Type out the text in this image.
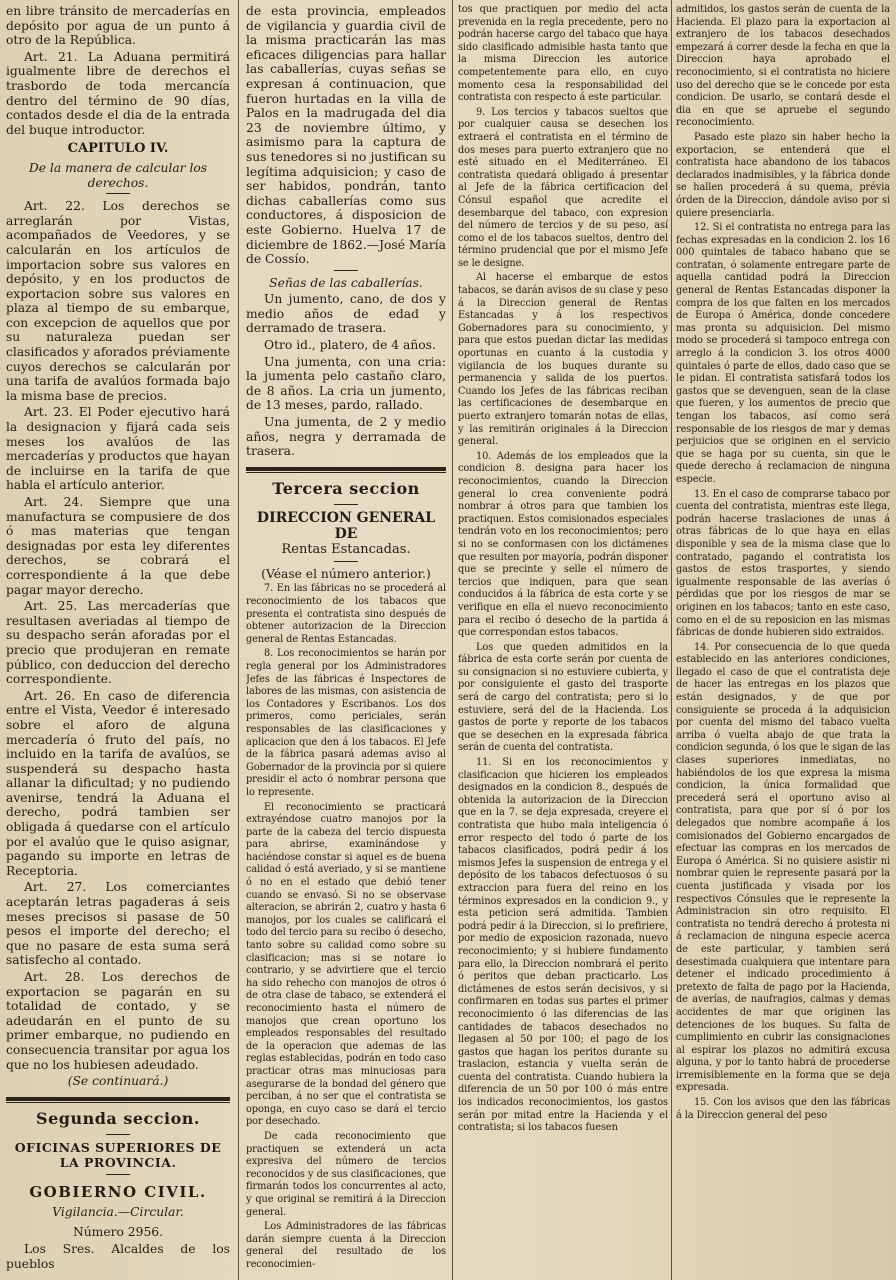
en libre tránsito de mercaderías en depósito por agua de un punto á otro de la República.

Art. 21. La Aduana permitirá igualmente libre de derechos el trasbordo de toda mercancía dentro del término de 90 días, contados desde el dia de la entrada del buque introductor.

CAPITULO IV.

De la manera de calcular los derechos.

Art. 22. Los derechos se arreglarán por Vistas, acompañados de Veedores, y se calcularán en los artículos de importacion sobre sus valores en depósito, y en los productos de exportacion sobre sus valores en plaza al tiempo de su embarque, con excepcion de aquellos que por su naturaleza puedan ser clasificados y aforados préviamente cuyos derechos se calcularán por una tarifa de avalúos formada bajo la misma base de precios.

Art. 23. El Poder ejecutivo hará la designacion y fijará cada seis meses los avalúos de las mercaderías y productos que hayan de incluirse en la tarifa de que habla el artículo anterior.

Art. 24. Siempre que una manufactura se compusiere de dos ó mas materias que tengan designadas por esta ley diferentes derechos, se cobrará el correspondiente á la que debe pagar mayor derecho.

Art. 25. Las mercaderías que resultasen averiadas al tiempo de su despacho serán aforadas por el precio que produjeran en remate público, con deduccion del derecho correspondiente.

Art. 26. En caso de diferencia entre el Vista, Veedor é interesado sobre el aforo de alguna mercadería ó fruto del país, no incluido en la tarifa de avalúos, se suspenderá su despacho hasta allanar la dificultad; y no pudiendo avenirse, tendrá la Aduana el derecho, podrá tambien ser obligada á quedarse con el artículo por el avalúo que le quiso asignar, pagando su importe en letras de Receptoria.

Art. 27. Los comerciantes aceptarán letras pagaderas á seis meses precisos si pasase de 50 pesos el importe del derecho; el que no pasare de esta suma será satisfecho al contado.

Art. 28. Los derechos de exportacion se pagarán en su totalidad de contado, y se adeudarán en el punto de su primer embarque, no pudiendo en consecuencia transitar por agua los que no los hubiesen adeudado.

(Se continuará.)

Segunda seccion.

OFICINAS SUPERIORES DE LA PROVINCIA.

GOBIERNO CIVIL.

Vigilancia.—Circular.

Número 2956.

Los Sres. Alcaldes de los pueblos

de esta provincia, empleados de vigilancia y guardia civil de la misma practicarán las mas eficaces diligencias para hallar las caballerías, cuyas señas se expresan á continuacion, que fueron hurtadas en la villa de Palos en la madrugada del dia 23 de noviembre último, y asimismo para la captura de sus tenedores si no justifican su legítima adquisicion; y caso de ser habidos, pondrán, tanto dichas caballerías como sus conductores, á disposicion de este Gobierno. Huelva 17 de diciembre de 1862.—José María de Cossío.

Señas de las caballerías.

Un jumento, cano, de dos y medio años de edad y derramado de trasera.

Otro id., platero, de 4 años.

Una jumenta, con una cria: la jumenta pelo castaño claro, de 8 años. La cria un jumento, de 13 meses, pardo, rallado.

Una jumenta, de 2 y medio años, negra y derramada de trasera.

Tercera seccion

DIRECCION GENERAL DE

Rentas Estancadas.

(Véase el número anterior.)

7. En las fábricas no se procederá al reconocimiento de los tabacos que presenta el contratista sino después de obtener autorizacion de la Direccion general de Rentas Estancadas.

8. Los reconocimientos se harán por regla general por los Administradores Jefes de las fábricas é Inspectores de labores de las mismas, con asistencia de los Contadores y Escribanos. Los dos primeros, como periciales, serán responsables de las clasificaciones y aplicacion que den á los tabacos. El Jefe de la fábrica pasará ademas aviso al Gobernador de la provincia por si quiere presidir el acto ó nombrar persona que lo represente.

El reconocimiento se practicará extrayéndose cuatro manojos por la parte de la cabeza del tercio dispuesta para abrirse, examinándose y haciéndose constar si aquel es de buena calidad ó está averiado, y si se mantiene ó no en el estado que debió tener cuando se envasó. Si no se observase alteracion, se abrirán 2, cuatro y hasta 6 manojos, por los cuales se calificará el todo del tercio para su recibo ó desecho, tanto sobre su calidad como sobre su clasificacion; mas si se notare lo contrario, y se advirtiere que el tercio ha sido rehecho con manojos de otros ó de otra clase de tabaco, se extenderá el reconocimiento hasta el número de manojos que crean oportuno los empleados responsables del resultado de la operacion que ademas de las reglas establecidas, podrán en todo caso practicar otras mas minuciosas para asegurarse de la bondad del género que perciban, á no ser que el contratista se oponga, en cuyo caso se dará el tercio por desechado.

De cada reconocimiento que practiquen se extenderá un acta expresiva del número de tercios reconocidos y de sus clasificaciones, que firmarán todos los concurrentes al acto, y que original se remitirá á la Direccion general.

Los Administradores de las fábricas darán siempre cuenta á la Direccion general del resultado de los reconocimien-

tos que practiquen por medio del acta prevenida en la regla precedente, pero no podrán hacerse cargo del tabaco que haya sido clasificado admisible hasta tanto que la misma Direccion les autorice competentemente para ello, en cuyo momento cesa la responsabilidad del contratista con respecto á este particular.

9. Los tercios y tabacos sueltos que por cualquier causa se desechen los extraerá el contratista en el término de dos meses para puerto extranjero que no esté situado en el Mediterráneo. El contratista quedará obligado á presentar al Jefe de la fábrica certificacion del Cónsul español que acredite el desembarque del tabaco, con expresion del número de tercios y de su peso, así como el de los tabacos sueltos, dentro del término prudencial que por el mismo Jefe se le designe.

Al hacerse el embarque de estos tabacos, se darán avisos de su clase y peso á la Direccion general de Rentas Estancadas y á los respectivos Gobernadores para su conocimiento, y para que estos puedan dictar las medidas oportunas en cuanto á la custodia y vigilancia de los buques durante su permanencia y salida de los puertos. Cuando los Jefes de las fábricas reciban las certificaciones de desembarque en puerto extranjero tomarán notas de ellas, y las remitirán originales á la Direccion general.

10. Además de los empleados que la condicion 8. designa para hacer los reconocimientos, cuando la Direccion general lo crea conveniente podrá nombrar á otros para que tambien los practiquen. Estos comisionados especiales tendrán voto en los reconocimientos; pero si no se conformasen con los dictámenes que resulten por mayoría, podrán disponer que se precinte y selle el número de tercios que indiquen, para que sean conducidos á la fábrica de esta corte y se verifique en ella el nuevo reconocimiento para el recibo ó desecho de la partida á que correspondan estos tabacos.

Los que queden admitidos en la fábrica de esta corte serán por cuenta de su consignacion si no estuviere cubierta, y por consiguiente el gasto del trasporte será de cargo del contratista; pero si lo estuviere, será del de la Hacienda. Los gastos de porte y reporte de los tabacos que se desechen en la expresada fábrica serán de cuenta del contratista.

11. Si en los reconocimientos y clasificacion que hicieren los empleados designados en la condicion 8., después de obtenida la autorizacion de la Direccion que en la 7. se deja expresada, creyere el contratista que hubo mala inteligencia ó error respecto del todo ó parte de los tabacos clasificados, podrá pedir á los mismos Jefes la suspension de entrega y el depósito de los tabacos defectuosos ó su extraccion para fuera del reino en los términos expresados en la condicion 9., y esta peticion será admitida. Tambien podrá pedir á la Direccion, si lo prefiriere, por medio de exposicion razonada, nuevo reconocimiento; y si hubiere fundamento para ello, la Direccion nombrará el perito ó peritos que deban practicarlo. Los dictámenes de estos serán decisivos, y si confirmaren en todas sus partes el primer reconocimiento ó las diferencias de las cantidades de tabacos desechados no llegasen al 50 por 100; el pago de los gastos que hagan los peritos durante su traslacion, estancia y vuelta serán de cuenta del contratista. Cuando hubiera la diferencia de un 50 por 100 ó más entre los indicados reconocimientos, los gastos serán por mitad entre la Hacienda y el contratista; si los tabacos fuesen

admitidos, los gastos serán de cuenta de la Hacienda. El plazo para la exportacion al extranjero de los tabacos desechados empezará á correr desde la fecha en que la Direccion haya aprobado el reconocimiento, si el contratista no hiciere uso del derecho que se le concede por esta condicion. De usarlo, se contará desde el dia en que se apruebe el segundo reconocimiento.

Pasado este plazo sin haber hecho la exportacion, se entenderá que el contratista hace abandono de los tabacos declarados inadmisibles, y la fábrica donde se hallen procederá á su quema, prévia órden de la Direccion, dándole aviso por si quiere presenciarla.

12. Si el contratista no entrega para las fechas expresadas en la condicion 2. los 16 000 quintales de tabaco habano que se contratan, ó solamente entregare parte de aquella cantidad podrá la Direccion general de Rentas Estancadas disponer la compra de los que falten en los mercados de Europa ó América, donde concedere mas pronta su adquisicion. Del mismo modo se procederá si tampoco entrega con arreglo á la condicion 3. los otros 4000 quintales ó parte de ellos, dado caso que se le pidan. El contratista satisfará todos los gastos que se devenguen, sean de la clase que fueren, y los aumentos de precio que tengan los tabacos, así como será responsable de los riesgos de mar y demas perjuicios que se originen en el servicio que se haga por su cuenta, sin que le quede derecho á reclamacion de ninguna especie.

13. En el caso de comprarse tabaco por cuenta del contratista, mientras este llega, podrán hacerse traslaciones de unas á otras fábricas de lo que haya en ellas disponible y sea de la misma clase que lo contratado, pagando el contratista los gastos de estos trasportes, y siendo igualmente responsable de las averías ó pérdidas que por los riesgos de mar se originen en los tabacos; tanto en este caso, como en el de su reposicion en las mismas fábricas de donde hubieren sido extraidos.

14. Por consecuencia de lo que queda establecido en las anteriores condiciones, llegado el caso de que el contratista deje de hacer las entregas en los plazos que están designados, y de que por consiguiente se proceda á la adquisicion por cuenta del mismo del tabaco vuelta arriba ó vuelta abajo de que trata la condicion segunda, ó los que le sigan de las clases superiores inmediatas, no habiéndolos de los que expresa la misma condicion, la única formalidad que precederá será el oportuno aviso al contratista, para que por sí ó por los delegados que nombre acompañe á los comisionados del Gobierno encargados de efectuar las compras en los mercados de Europa ó América. Si no quisiere asistir ni nombrar quien le represente pasará por la cuenta justificada y visada por los respectivos Cónsules que le represente la Administracion sin otro requisito. El contratista no tendrá derecho á protesta ni á reclamacion de ninguna especie acerca de este particular, y tambien será desestimada cualquiera que intentare para detener el indicado procedimiento á pretexto de falta de pago por la Hacienda, de averías, de naufragios, calmas y demas accidentes de mar que originen las detenciones de los buques. Su falta de cumplimiento en cubrir las consignaciones al espirar los plazos no admitirá excusa alguna, y por lo tanto habrá de procederse irremisiblemente en la forma que se deja expresada.

15. Con los avisos que den las fábricas á la Direccion general del peso
